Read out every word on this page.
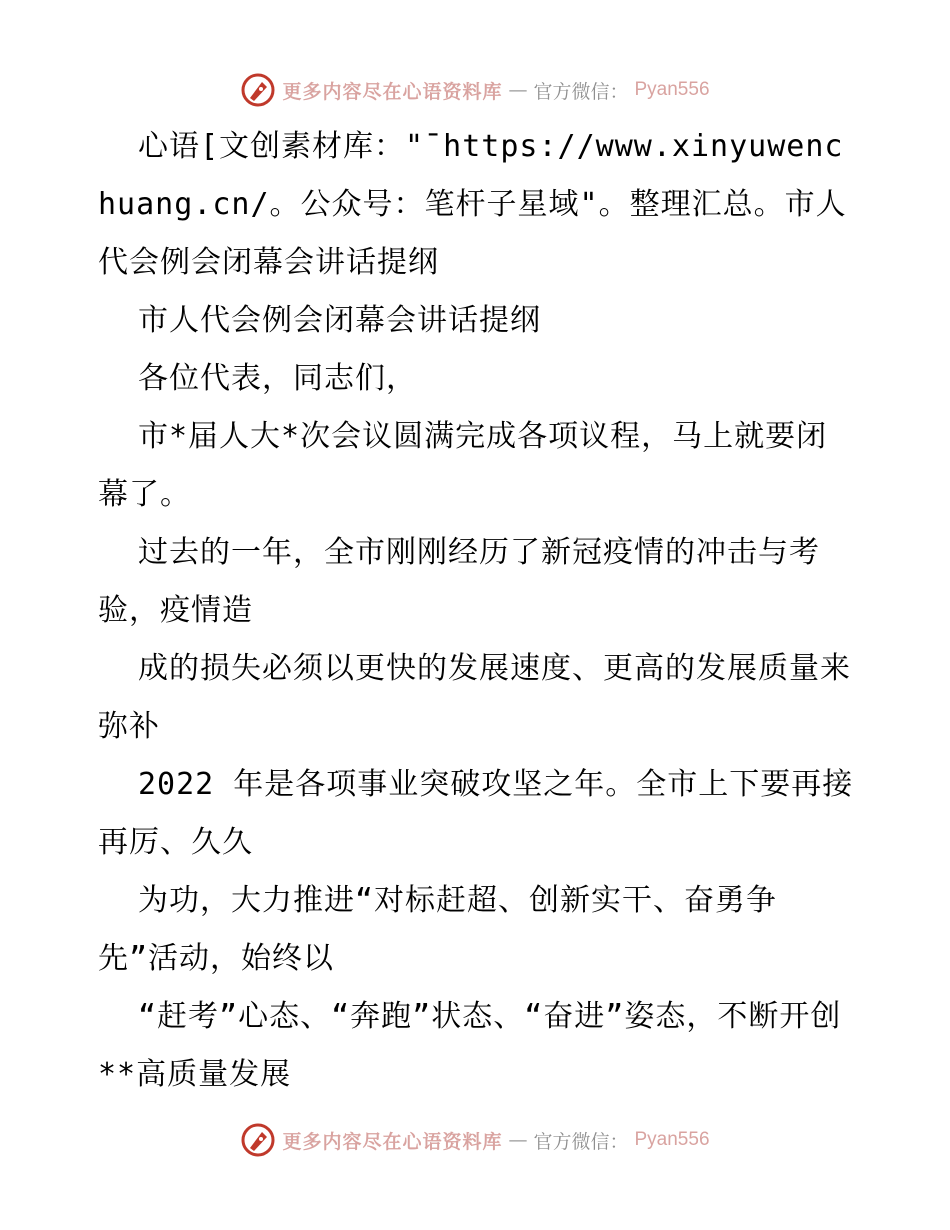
更多内容尽在心语资料库 — 官方微信： Pyan556

心语[文创素材库："¯https://www.xinyuwenchuang.cn/。公众号：笔杆子星域"。整理汇总。市人代会例会闭幕会讲话提纲

市人代会例会闭幕会讲话提纲

各位代表，同志们，

市*届人大*次会议圆满完成各项议程，马上就要闭幕了。

过去的一年，全市刚刚经历了新冠疫情的冲击与考验，疫情造

成的损失必须以更快的发展速度、更高的发展质量来弥补

2022 年是各项事业突破攻坚之年。全市上下要再接再厉、久久

为功，大力推进“对标赶超、创新实干、奋勇争先”活动，始终以

“赶考”心态、“奔跑”状态、“奋进”姿态，不断开创**高质量发展

更多内容尽在心语资料库 — 官方微信： Pyan556
